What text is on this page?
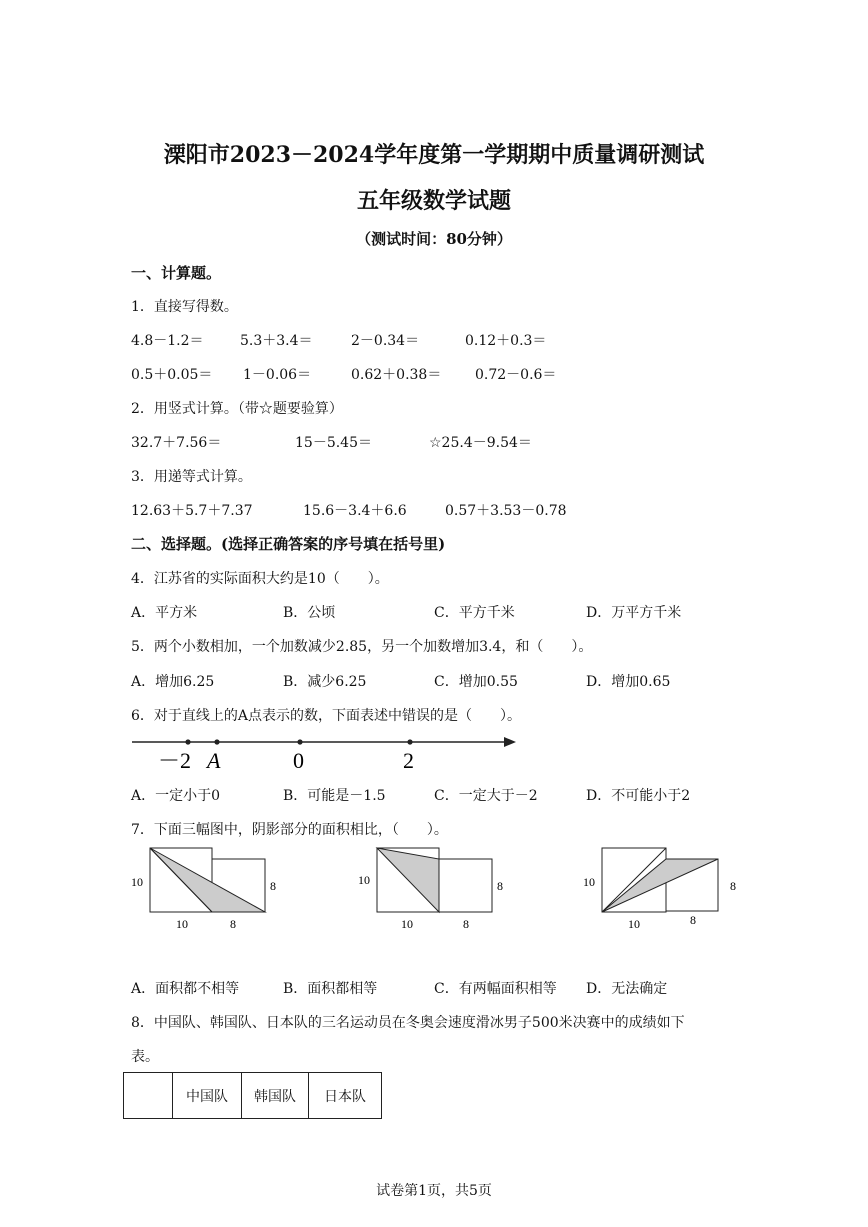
溧阳市2023－2024学年度第一学期期中质量调研测试
五年级数学试题
（测试时间：80分钟）
一、计算题。
1．直接写得数。
4.8－1.2＝	5.3＋3.4＝	2－0.34＝	0.12＋0.3＝
0.5＋0.05＝ 1－0.06＝	0.62＋0.38＝ 0.72－0.6＝
2．用竖式计算。（带☆题要验算）
32.7＋7.56＝	15－5.45＝	☆25.4－9.54＝
3．用递等式计算。
12.63＋5.7＋7.37	15.6－3.4＋6.6	0.57＋3.53－0.78
二、选择题。(选择正确答案的序号填在括号里)
4．江苏省的实际面积大约是10（　　）。
A．平方米	B．公顷	C．平方千米	D．万平方千米
5．两个小数相加，一个加数减少2.85，另一个加数增加3.4，和（　　）。
A．增加6.25	B．减少6.25	C．增加0.55	D．增加0.65
6．对于直线上的A点表示的数，下面表述中错误的是（　　）。
－2 A	0	2
A．一定小于0	B．可能是－1.5	C．一定大于－2	D．不可能小于2
7．下面三幅图中，阴影部分的面积相比，（　　）。
10	8
10	8
10	8
10	8
10	8
10	8
A．面积都不相等	B．面积都相等	C．有两幅面积相等 D．无法确定
8．中国队、韩国队、日本队的三名运动员在冬奥会速度滑冰男子500米决赛中的成绩如下
表。
	中国队	韩国队	日本队
试卷第1页，共5页
